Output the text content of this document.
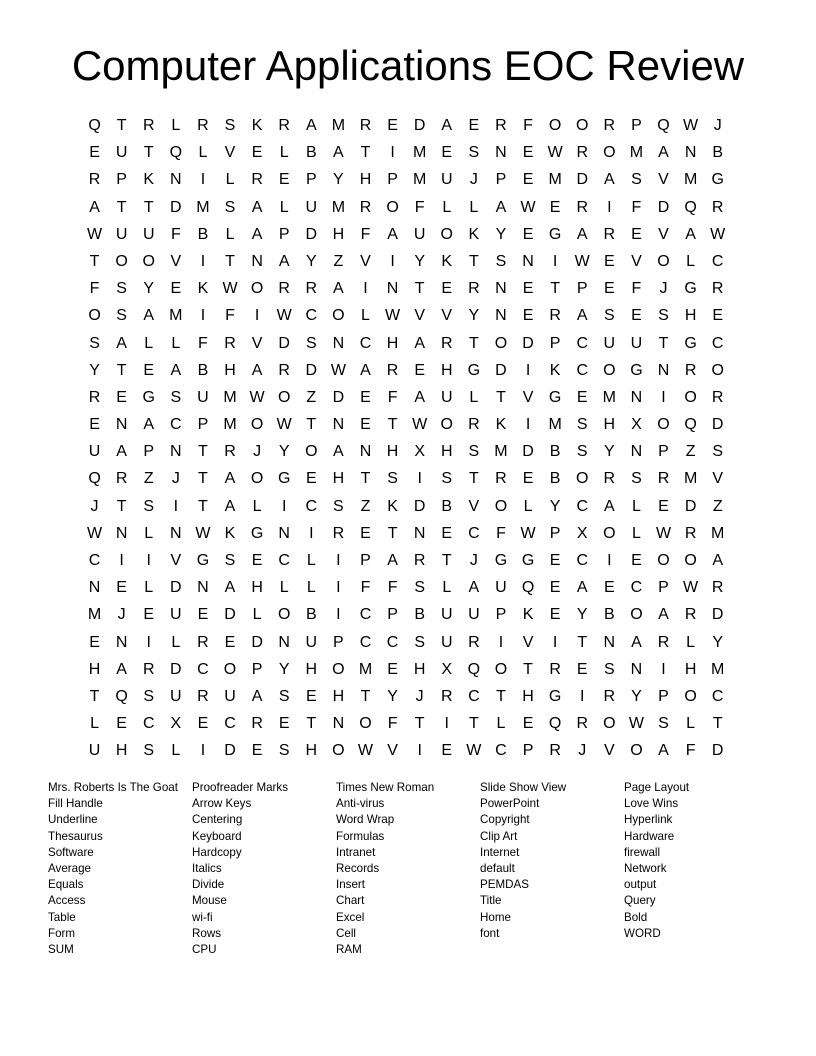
Computer Applications EOC Review
Q T	R	L	R S	K R A M R E D A	E R	F O O R P Q W J
E U	T Q	L	V	E	L	B	A	T	I	M E	S N E W R O M A N B
R P	K N	I	L	R E	P	Y H P M U	J	P	E M D A	S	V M G
A	T	T	D M S	A	L	U M R O F	L	L	A W E R	I	F	D Q R
W U U	F	B	L	A	P D H	F	A U O K	Y	E G A R E	V	A W
T O O V	I	T	N A	Y	Z	V	I	Y	K	T	S N	I	W E	V O	L	C
F	S	Y	E	K W O R R A	I	N	T	E R N E	T	P	E	F	J	G R
O S	A M	I	F	I	W C O	L W V	V	Y N E R A	S	E	S H E
S	A	L	L	F	R V D S N C H A R	T O D P C U U	T G C
Y	T	E	A	B H A R D W A R E H G D	I	K C O G N R O
R E G S U M W O Z	D E	F	A U	L	T	V G E M N	I	O R
E N A C P M O W T	N E	T W O R K	I	M S H X O Q D
U A	P N	T	R	J	Y O A N H X H S M D B	S	Y N P	Z	S
Q R	Z	J	T	A O G E H	T	S	I	S	T	R E	B O R S R M V
J	T	S	I	T	A	L	I	C S	Z	K D B	V O	L	Y C A	L	E D	Z
W N	L	N W K G N	I	R E	T	N E C	F W P	X O	L W R M
C	I	I	V G S	E C	L	I	P	A R	T	J	G G E C	I	E O O A
N E	L	D N A H	L	L	I	F	F	S	L	A U Q E	A	E C P W R
M	J	E U E D	L	O B	I	C P	B U U P	K	E	Y	B O A R D
E N	I	L	R E D N U P C C S U R	I	V	I	T	N A R	L	Y
H A R D C O P	Y H O M E H X Q O T	R E	S N	I	H M
T Q S U R U A	S	E H	T	Y	J	R C	T	H G	I	R Y	P O C
L	E C X	E C R E	T	N O F	T	I	T	L	E Q R O W S	L	T
U H S	L	I	D E	S H O W V	I	E W C P R	J	V O A	F	D
Mrs. Roberts Is The Goat
Fill Handle
Underline
Thesaurus
Software
Average
Equals
Access
Table
Form
SUM
Proofreader Marks
Arrow Keys
Centering
Keyboard
Hardcopy
Italics
Divide
Mouse
wi-fi
Rows
CPU
Times New Roman
Anti-virus
Word Wrap
Formulas
Intranet
Records
Insert
Chart
Excel
Cell
RAM
Slide Show View
PowerPoint
Copyright
Clip Art
Internet
default
PEMDAS
Title
Home
font
Page Layout
Love Wins
Hyperlink
Hardware
firewall
Network
output
Query
Bold
WORD
